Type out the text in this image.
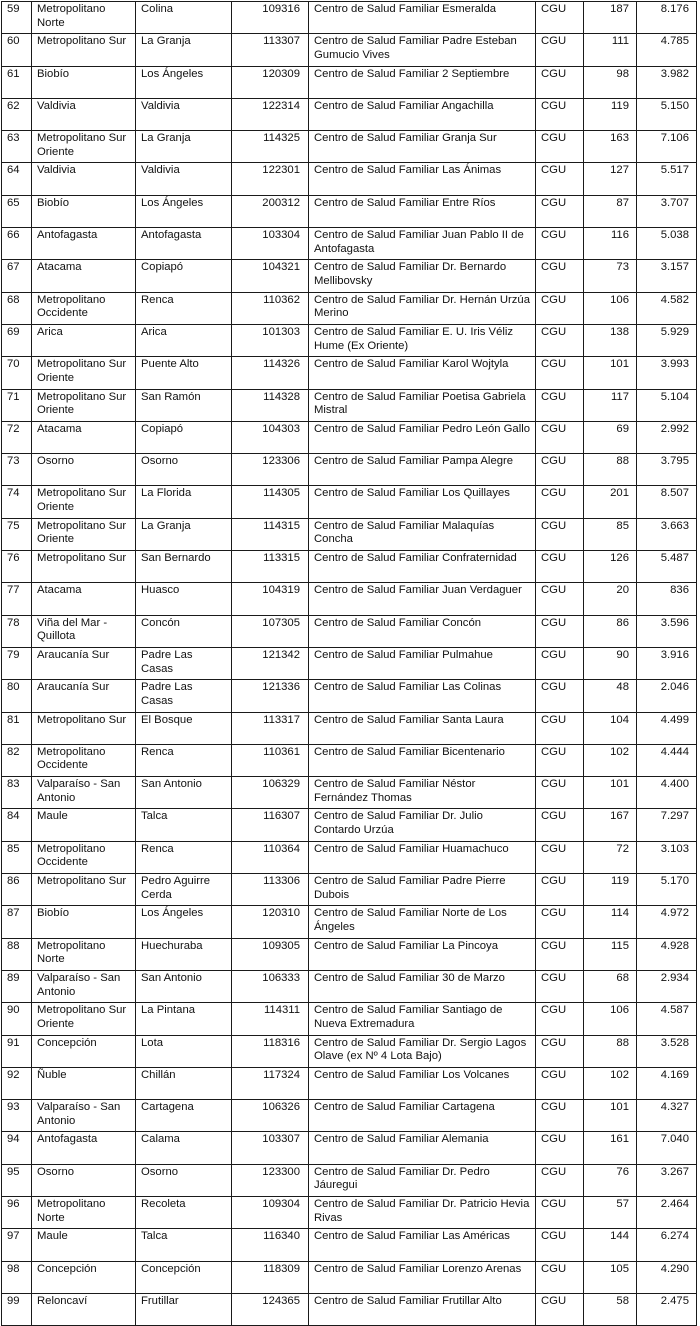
59	Metropolitano Norte	Colina	109316	Centro de Salud Familiar Esmeralda	CGU	187	8.176
60	Metropolitano Sur	La Granja	113307	Centro de Salud Familiar Padre Esteban Gumucio Vives	CGU	111	4.785
61	Biobío	Los Ángeles	120309	Centro de Salud Familiar 2 Septiembre	CGU	98	3.982
62	Valdivia	Valdivia	122314	Centro de Salud Familiar Angachilla	CGU	119	5.150
63	Metropolitano Sur Oriente	La Granja	114325	Centro de Salud Familiar Granja Sur	CGU	163	7.106
64	Valdivia	Valdivia	122301	Centro de Salud Familiar Las Ánimas	CGU	127	5.517
65	Biobío	Los Ángeles	200312	Centro de Salud Familiar Entre Ríos	CGU	87	3.707
66	Antofagasta	Antofagasta	103304	Centro de Salud Familiar Juan Pablo II de Antofagasta	CGU	116	5.038
67	Atacama	Copiapó	104321	Centro de Salud Familiar Dr. Bernardo Mellibovsky	CGU	73	3.157
68	Metropolitano Occidente	Renca	110362	Centro de Salud Familiar Dr. Hernán Urzúa Merino	CGU	106	4.582
69	Arica	Arica	101303	Centro de Salud Familiar E. U. Iris Véliz Hume (Ex Oriente)	CGU	138	5.929
70	Metropolitano Sur Oriente	Puente Alto	114326	Centro de Salud Familiar Karol Wojtyla	CGU	101	3.993
71	Metropolitano Sur Oriente	San Ramón	114328	Centro de Salud Familiar Poetisa Gabriela Mistral	CGU	117	5.104
72	Atacama	Copiapó	104303	Centro de Salud Familiar Pedro León Gallo	CGU	69	2.992
73	Osorno	Osorno	123306	Centro de Salud Familiar Pampa Alegre	CGU	88	3.795
74	Metropolitano Sur Oriente	La Florida	114305	Centro de Salud Familiar Los Quillayes	CGU	201	8.507
75	Metropolitano Sur Oriente	La Granja	114315	Centro de Salud Familiar Malaquías Concha	CGU	85	3.663
76	Metropolitano Sur	San Bernardo	113315	Centro de Salud Familiar Confraternidad	CGU	126	5.487
77	Atacama	Huasco	104319	Centro de Salud Familiar Juan Verdaguer	CGU	20	836
78	Viña del Mar - Quillota	Concón	107305	Centro de Salud Familiar Concón	CGU	86	3.596
79	Araucanía Sur	Padre Las Casas	121342	Centro de Salud Familiar Pulmahue	CGU	90	3.916
80	Araucanía Sur	Padre Las Casas	121336	Centro de Salud Familiar Las Colinas	CGU	48	2.046
81	Metropolitano Sur	El Bosque	113317	Centro de Salud Familiar Santa Laura	CGU	104	4.499
82	Metropolitano Occidente	Renca	110361	Centro de Salud Familiar Bicentenario	CGU	102	4.444
83	Valparaíso - San Antonio	San Antonio	106329	Centro de Salud Familiar Néstor Fernández Thomas	CGU	101	4.400
84	Maule	Talca	116307	Centro de Salud Familiar Dr. Julio Contardo Urzúa	CGU	167	7.297
85	Metropolitano Occidente	Renca	110364	Centro de Salud Familiar Huamachuco	CGU	72	3.103
86	Metropolitano Sur	Pedro Aguirre Cerda	113306	Centro de Salud Familiar Padre Pierre Dubois	CGU	119	5.170
87	Biobío	Los Ángeles	120310	Centro de Salud Familiar Norte de Los Ángeles	CGU	114	4.972
88	Metropolitano Norte	Huechuraba	109305	Centro de Salud Familiar La Pincoya	CGU	115	4.928
89	Valparaíso - San Antonio	San Antonio	106333	Centro de Salud Familiar 30 de Marzo	CGU	68	2.934
90	Metropolitano Sur Oriente	La Pintana	114311	Centro de Salud Familiar Santiago de Nueva Extremadura	CGU	106	4.587
91	Concepción	Lota	118316	Centro de Salud Familiar Dr. Sergio Lagos Olave (ex Nº 4 Lota Bajo)	CGU	88	3.528
92	Ñuble	Chillán	117324	Centro de Salud Familiar Los Volcanes	CGU	102	4.169
93	Valparaíso - San Antonio	Cartagena	106326	Centro de Salud Familiar Cartagena	CGU	101	4.327
94	Antofagasta	Calama	103307	Centro de Salud Familiar Alemania	CGU	161	7.040
95	Osorno	Osorno	123300	Centro de Salud Familiar Dr. Pedro Jáuregui	CGU	76	3.267
96	Metropolitano Norte	Recoleta	109304	Centro de Salud Familiar Dr. Patricio Hevia Rivas	CGU	57	2.464
97	Maule	Talca	116340	Centro de Salud Familiar Las Américas	CGU	144	6.274
98	Concepción	Concepción	118309	Centro de Salud Familiar Lorenzo Arenas	CGU	105	4.290
99	Reloncaví	Frutillar	124365	Centro de Salud Familiar Frutillar Alto	CGU	58	2.475
